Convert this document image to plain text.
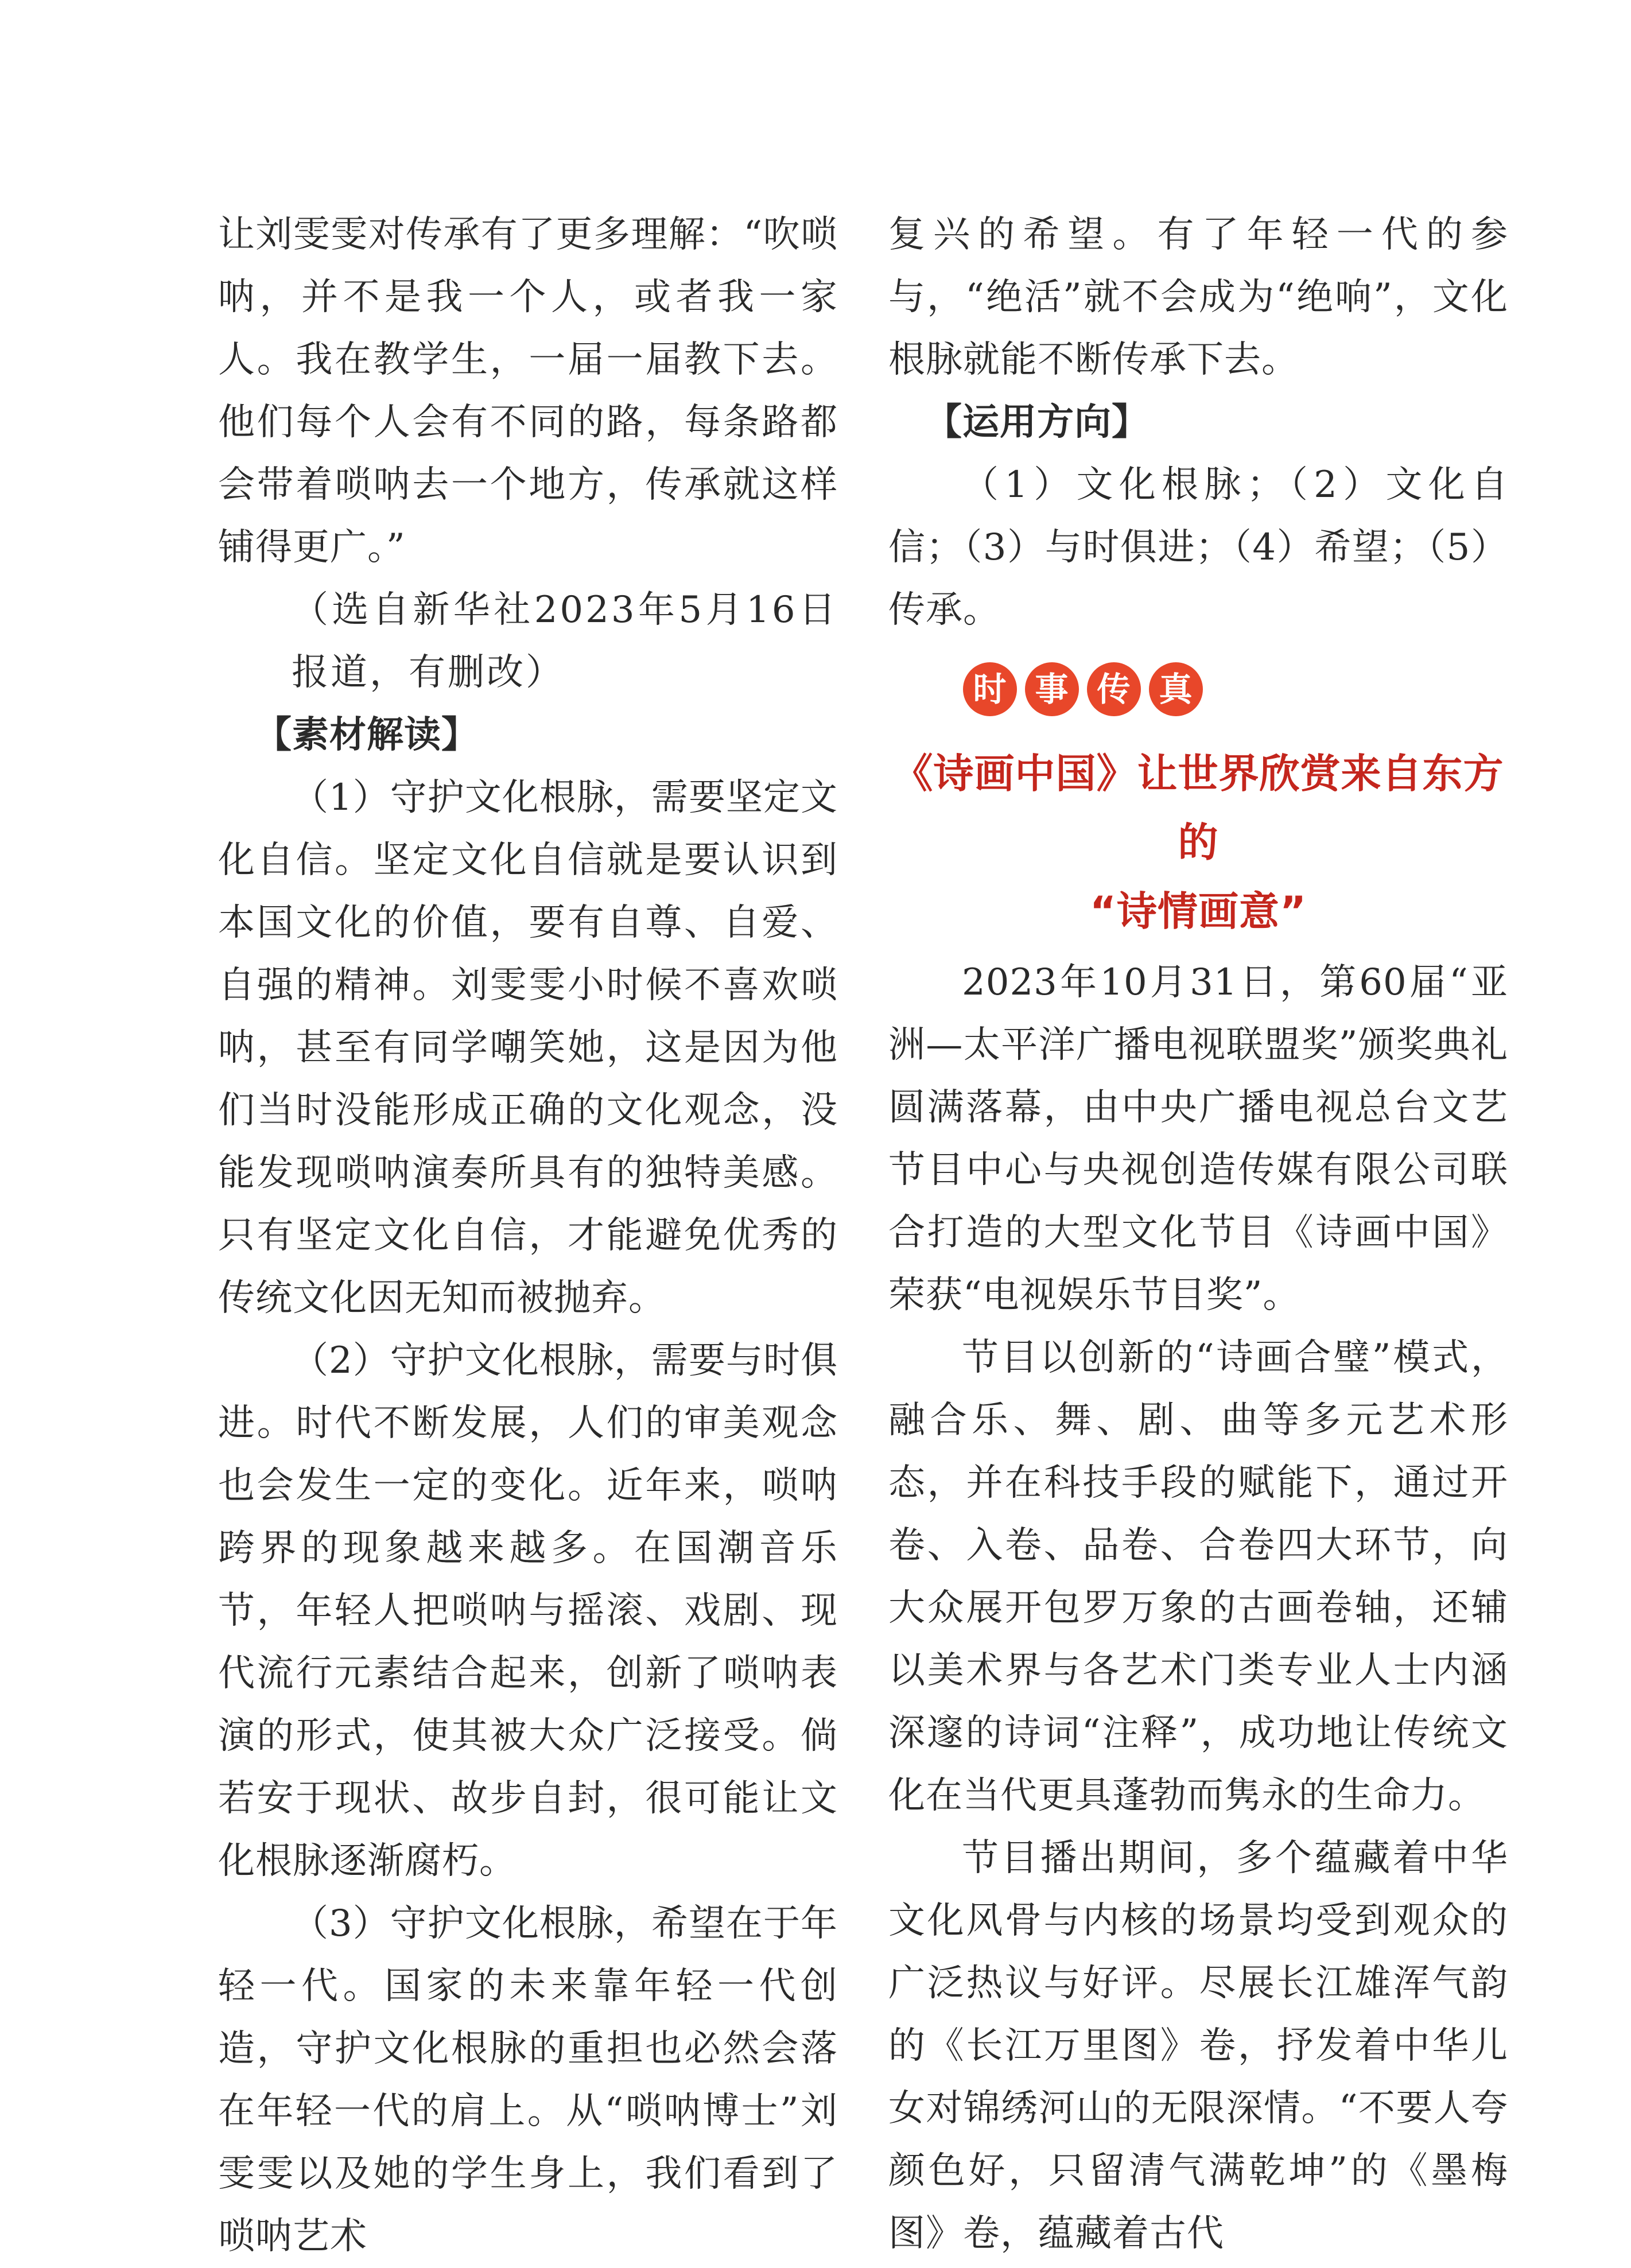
让刘雯雯对传承有了更多理解：“吹唢呐，并不是我一个人，或者我一家人。我在教学生，一届一届教下去。他们每个人会有不同的路，每条路都会带着唢呐去一个地方，传承就这样铺得更广。”

（选自新华社2023年5月16日报道，有删改）

【素材解读】

（1）守护文化根脉，需要坚定文化自信。坚定文化自信就是要认识到本国文化的价值，要有自尊、自爱、自强的精神。刘雯雯小时候不喜欢唢呐，甚至有同学嘲笑她，这是因为他们当时没能形成正确的文化观念，没能发现唢呐演奏所具有的独特美感。只有坚定文化自信，才能避免优秀的传统文化因无知而被抛弃。

（2）守护文化根脉，需要与时俱进。时代不断发展，人们的审美观念也会发生一定的变化。近年来，唢呐跨界的现象越来越多。在国潮音乐节，年轻人把唢呐与摇滚、戏剧、现代流行元素结合起来，创新了唢呐表演的形式，使其被大众广泛接受。倘若安于现状、故步自封，很可能让文化根脉逐渐腐朽。

（3）守护文化根脉，希望在于年轻一代。国家的未来靠年轻一代创造，守护文化根脉的重担也必然会落在年轻一代的肩上。从“唢呐博士”刘雯雯以及她的学生身上，我们看到了唢呐艺术

复兴的希望。有了年轻一代的参与，“绝活”就不会成为“绝响”，文化根脉就能不断传承下去。

【运用方向】

（1）文化根脉；（2）文化自信；（3）与时俱进；（4）希望；（5）传承。

时 事 传 真
《诗画中国》让世界欣赏来自东方的
“诗情画意”

2023年10月31日，第60届“亚洲—太平洋广播电视联盟奖”颁奖典礼圆满落幕，由中央广播电视总台文艺节目中心与央视创造传媒有限公司联合打造的大型文化节目《诗画中国》荣获“电视娱乐节目奖”。

节目以创新的“诗画合璧”模式，融合乐、舞、剧、曲等多元艺术形态，并在科技手段的赋能下，通过开卷、入卷、品卷、合卷四大环节，向大众展开包罗万象的古画卷轴，还辅以美术界与各艺术门类专业人士内涵深邃的诗词“注释”，成功地让传统文化在当代更具蓬勃而隽永的生命力。

节目播出期间，多个蕴藏着中华文化风骨与内核的场景均受到观众的广泛热议与好评。尽展长江雄浑气韵的《长江万里图》卷，抒发着中华儿女对锦绣河山的无限深情。“不要人夸颜色好，只留清气满乾坤”的《墨梅图》卷，蕴藏着古代
